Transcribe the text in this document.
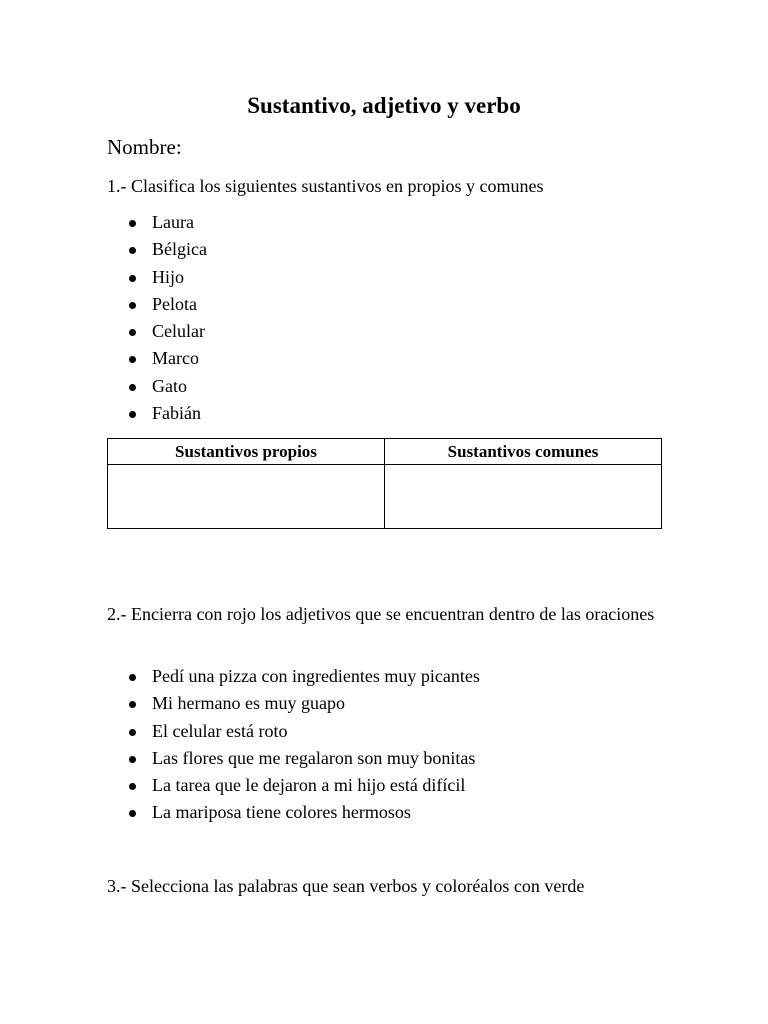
Sustantivo, adjetivo y verbo
Nombre:
1.- Clasifica los siguientes sustantivos en propios y comunes
Laura
Bélgica
Hijo
Pelota
Celular
Marco
Gato
Fabián
Sustantivos propios	Sustantivos comunes

2.- Encierra con rojo los adjetivos que se encuentran dentro de las oraciones
Pedí una pizza con ingredientes muy picantes
Mi hermano es muy guapo
El celular está roto
Las flores que me regalaron son muy bonitas
La tarea que le dejaron a mi hijo está difícil
La mariposa tiene colores hermosos
3.- Selecciona las palabras que sean verbos y coloréalos con verde
